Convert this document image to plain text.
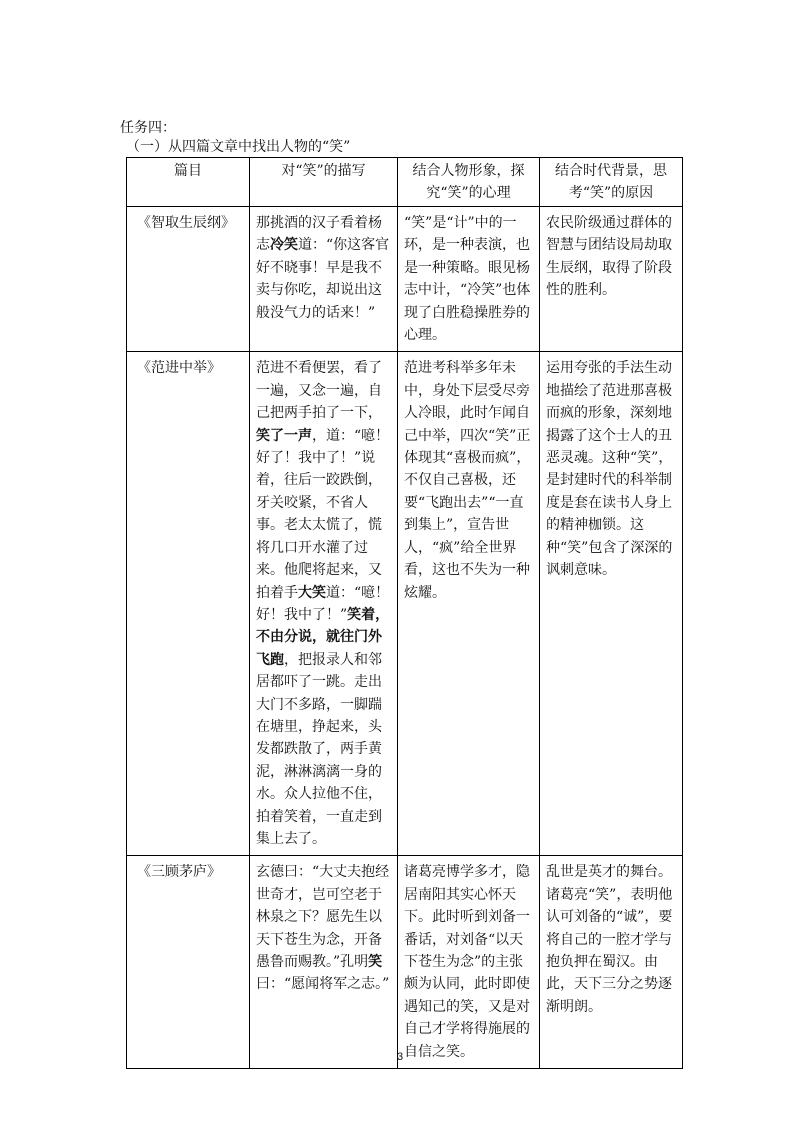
任务四：
（一）从四篇文章中找出人物的“笑”
篇目	对“笑”的描写	结合人物形象，探究“笑”的心理	结合时代背景，思考“笑”的原因
《智取生辰纲》	那挑酒的汉子看着杨志冷笑道：“你这客官好不晓事！早是我不卖与你吃，却说出这般没气力的话来！”	“笑”是“计”中的一环，是一种表演，也是一种策略。眼见杨志中计，“冷笑”也体现了白胜稳操胜券的心理。	农民阶级通过群体的智慧与团结设局劫取生辰纲，取得了阶段性的胜利。
《范进中举》	范进不看便罢，看了一遍，又念一遍，自己把两手拍了一下，笑了一声，道：“噫！好了！我中了！”说着，往后一跤跌倒，牙关咬紧，不省人事。老太太慌了，慌将几口开水灌了过来。他爬将起来，又拍着手大笑道：“噫！好！我中了！”笑着，不由分说，就往门外飞跑，把报录人和邻居都吓了一跳。走出大门不多路，一脚踹在塘里，挣起来，头发都跌散了，两手黄泥，淋淋漓漓一身的水。众人拉他不住，拍着笑着，一直走到集上去了。	范进考科举多年未中，身处下层受尽旁人冷眼，此时乍闻自己中举，四次“笑”正体现其“喜极而疯”，不仅自己喜极，还要“飞跑出去”“一直到集上”，宣告世人，“疯”给全世界看，这也不失为一种炫耀。	运用夸张的手法生动地描绘了范进那喜极而疯的形象，深刻地揭露了这个士人的丑恶灵魂。这种“笑”，是封建时代的科举制度是套在读书人身上的精神枷锁。这种“笑”包含了深深的讽刺意味。
《三顾茅庐》	玄德曰：“大丈夫抱经世奇才，岂可空老于林泉之下？愿先生以天下苍生为念，开备愚鲁而赐教。”孔明笑曰：“愿闻将军之志。”	诸葛亮博学多才，隐居南阳其实心怀天下。此时听到刘备一番话，对刘备“以天下苍生为念”的主张颇为认同，此时即使遇知己的笑，又是对自己才学将得施展的自信之笑。	乱世是英才的舞台。诸葛亮“笑”，表明他认可刘备的“诚”，要将自己的一腔才学与抱负押在蜀汉。由此，天下三分之势逐渐明朗。
3
